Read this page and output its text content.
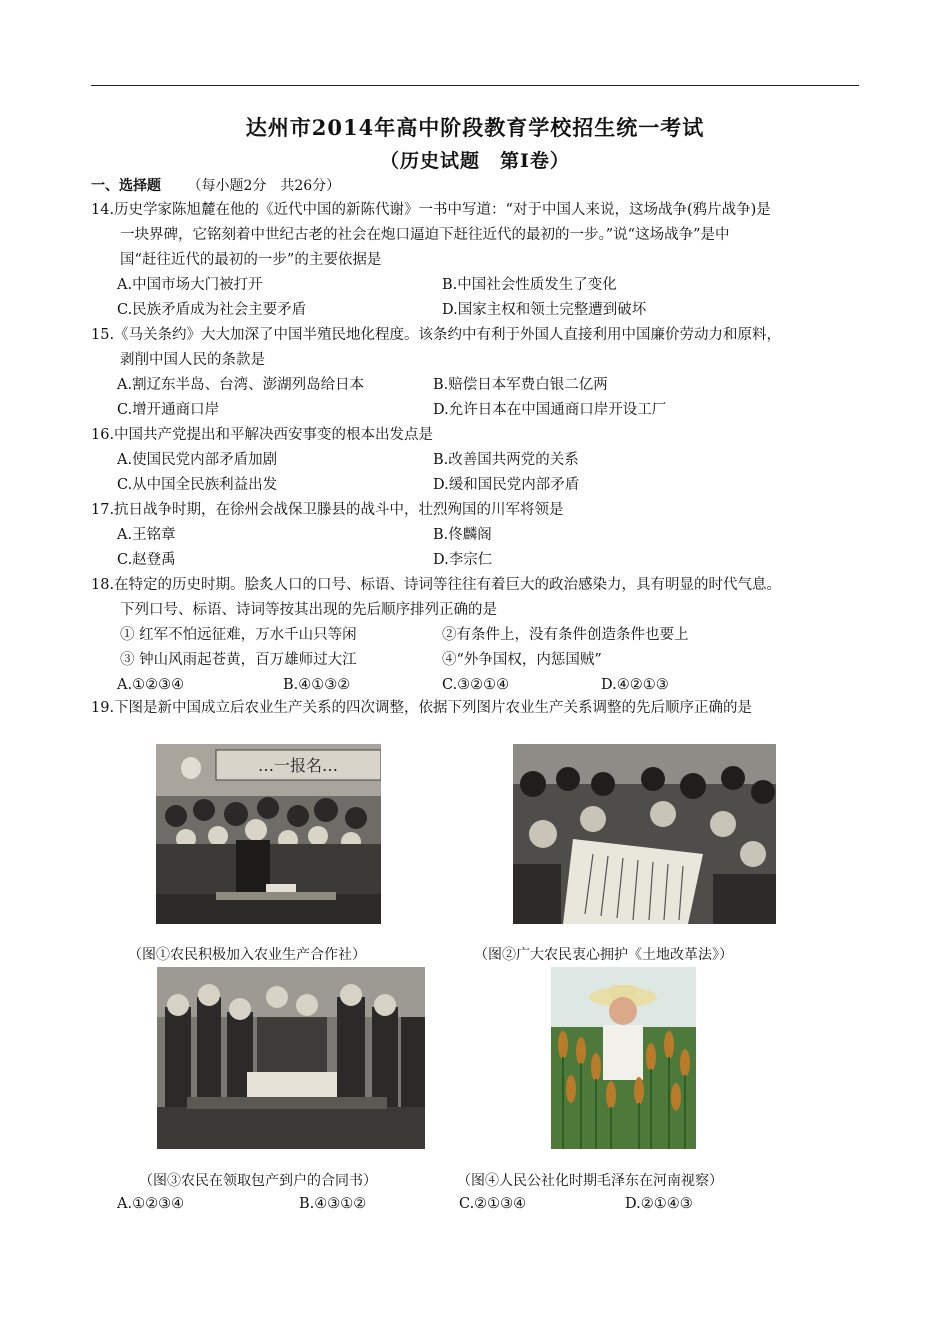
达州市2014年高中阶段教育学校招生统一考试
（历史试题　第Ⅰ卷）
一、选择题 （每小题2分　共26分）
14.历史学家陈旭麓在他的《近代中国的新陈代谢》一书中写道：“对于中国人来说，这场战争(鸦片战争)是
一块界碑，它铭刻着中世纪古老的社会在炮口逼迫下赶往近代的最初的一步。”说“这场战争”是中
国“赶往近代的最初的一步”的主要依据是
A.中国市场大门被打开	B.中国社会性质发生了变化
C.民族矛盾成为社会主要矛盾	D.国家主权和领土完整遭到破坏
15.《马关条约》大大加深了中国半殖民地化程度。该条约中有利于外国人直接利用中国廉价劳动力和原料，
剥削中国人民的条款是
A.割辽东半岛、台湾、澎湖列岛给日本	B.赔偿日本军费白银二亿两
C.增开通商口岸	D.允许日本在中国通商口岸开设工厂
16.中国共产党提出和平解决西安事变的根本出发点是
A.使国民党内部矛盾加剧	B.改善国共两党的关系
C.从中国全民族利益出发	D.缓和国民党内部矛盾
17.抗日战争时期，在徐州会战保卫滕县的战斗中，壮烈殉国的川军将领是
A.王铭章	B.佟麟阁
C.赵登禹	D.李宗仁
18.在特定的历史时期。脍炙人口的口号、标语、诗词等往往有着巨大的政治感染力，具有明显的时代气息。
下列口号、标语、诗词等按其出现的先后顺序排列正确的是
① 红军不怕远征难，万水千山只等闲	②有条件上，没有条件创造条件也要上
③ 钟山风雨起苍黄，百万雄师过大江	④“外争国权，内惩国贼”
A.①②③④	B.④①③②	C.③②①④	D.④②①③
19.下图是新中国成立后农业生产关系的四次调整，依据下列图片农业生产关系调整的先后顺序正确的是
…一报名…
（图①农民积极加入农业生产合作社）	（图②广大农民衷心拥护《土地改革法》）
（图③农民在领取包产到户的合同书）	（图④人民公社化时期毛泽东在河南视察）
A.①②③④	B.④③①②	C.②①③④	D.②①④③
